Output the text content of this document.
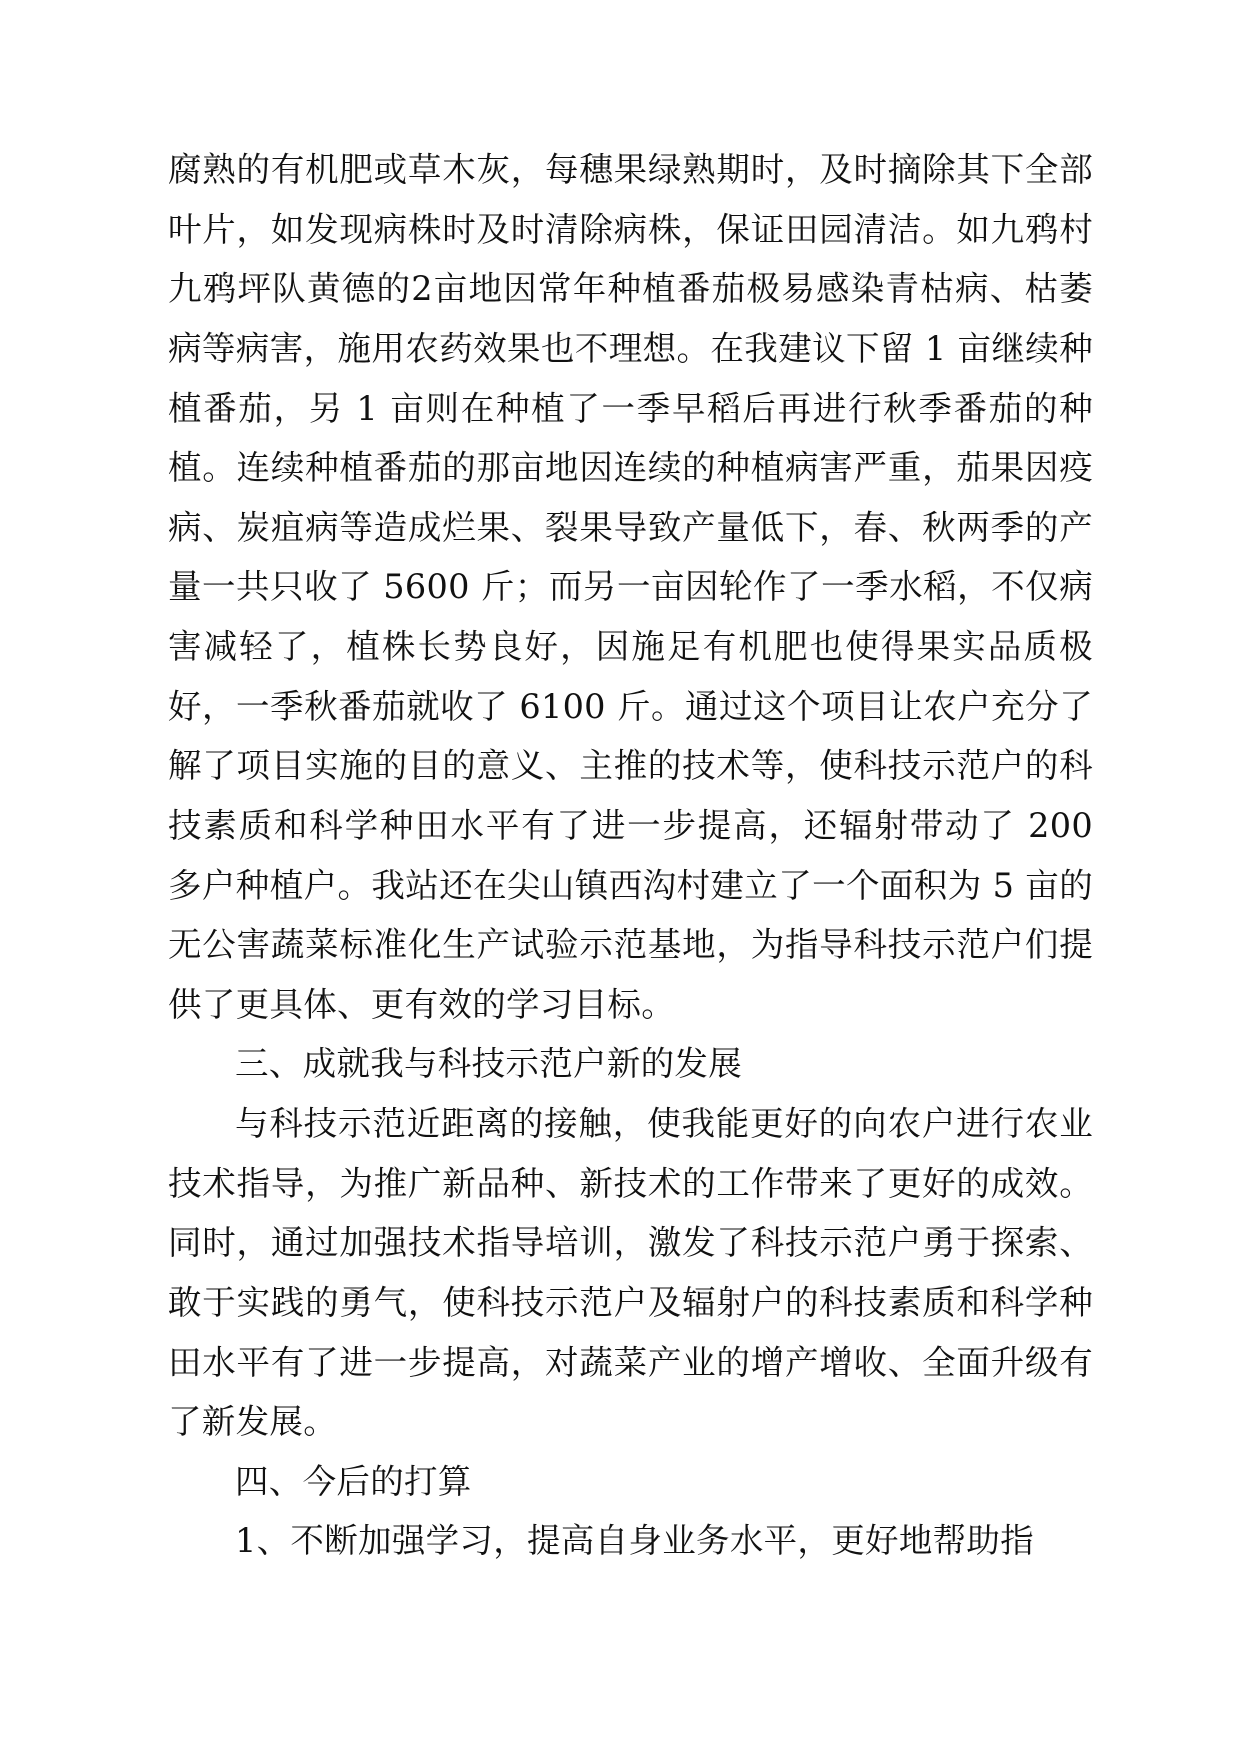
腐熟的有机肥或草木灰，每穗果绿熟期时，及时摘除其下全部叶片，如发现病株时及时清除病株，保证田园清洁。如九鸦村九鸦坪队黄德的2亩地因常年种植番茄极易感染青枯病、枯萎病等病害，施用农药效果也不理想。在我建议下留 1 亩继续种植番茄，另 1 亩则在种植了一季早稻后再进行秋季番茄的种植。连续种植番茄的那亩地因连续的种植病害严重，茄果因疫病、炭疽病等造成烂果、裂果导致产量低下，春、秋两季的产量一共只收了 5600 斤；而另一亩因轮作了一季水稻，不仅病害减轻了，植株长势良好，因施足有机肥也使得果实品质极好，一季秋番茄就收了 6100 斤。通过这个项目让农户充分了解了项目实施的目的意义、主推的技术等，使科技示范户的科技素质和科学种田水平有了进一步提高，还辐射带动了 200 多户种植户。我站还在尖山镇西沟村建立了一个面积为 5 亩的无公害蔬菜标准化生产试验示范基地，为指导科技示范户们提供了更具体、更有效的学习目标。

三、成就我与科技示范户新的发展

与科技示范近距离的接触，使我能更好的向农户进行农业技术指导，为推广新品种、新技术的工作带来了更好的成效。同时，通过加强技术指导培训，激发了科技示范户勇于探索、敢于实践的勇气，使科技示范户及辐射户的科技素质和科学种田水平有了进一步提高，对蔬菜产业的增产增收、全面升级有了新发展。

四、今后的打算

1、不断加强学习，提高自身业务水平，更好地帮助指
